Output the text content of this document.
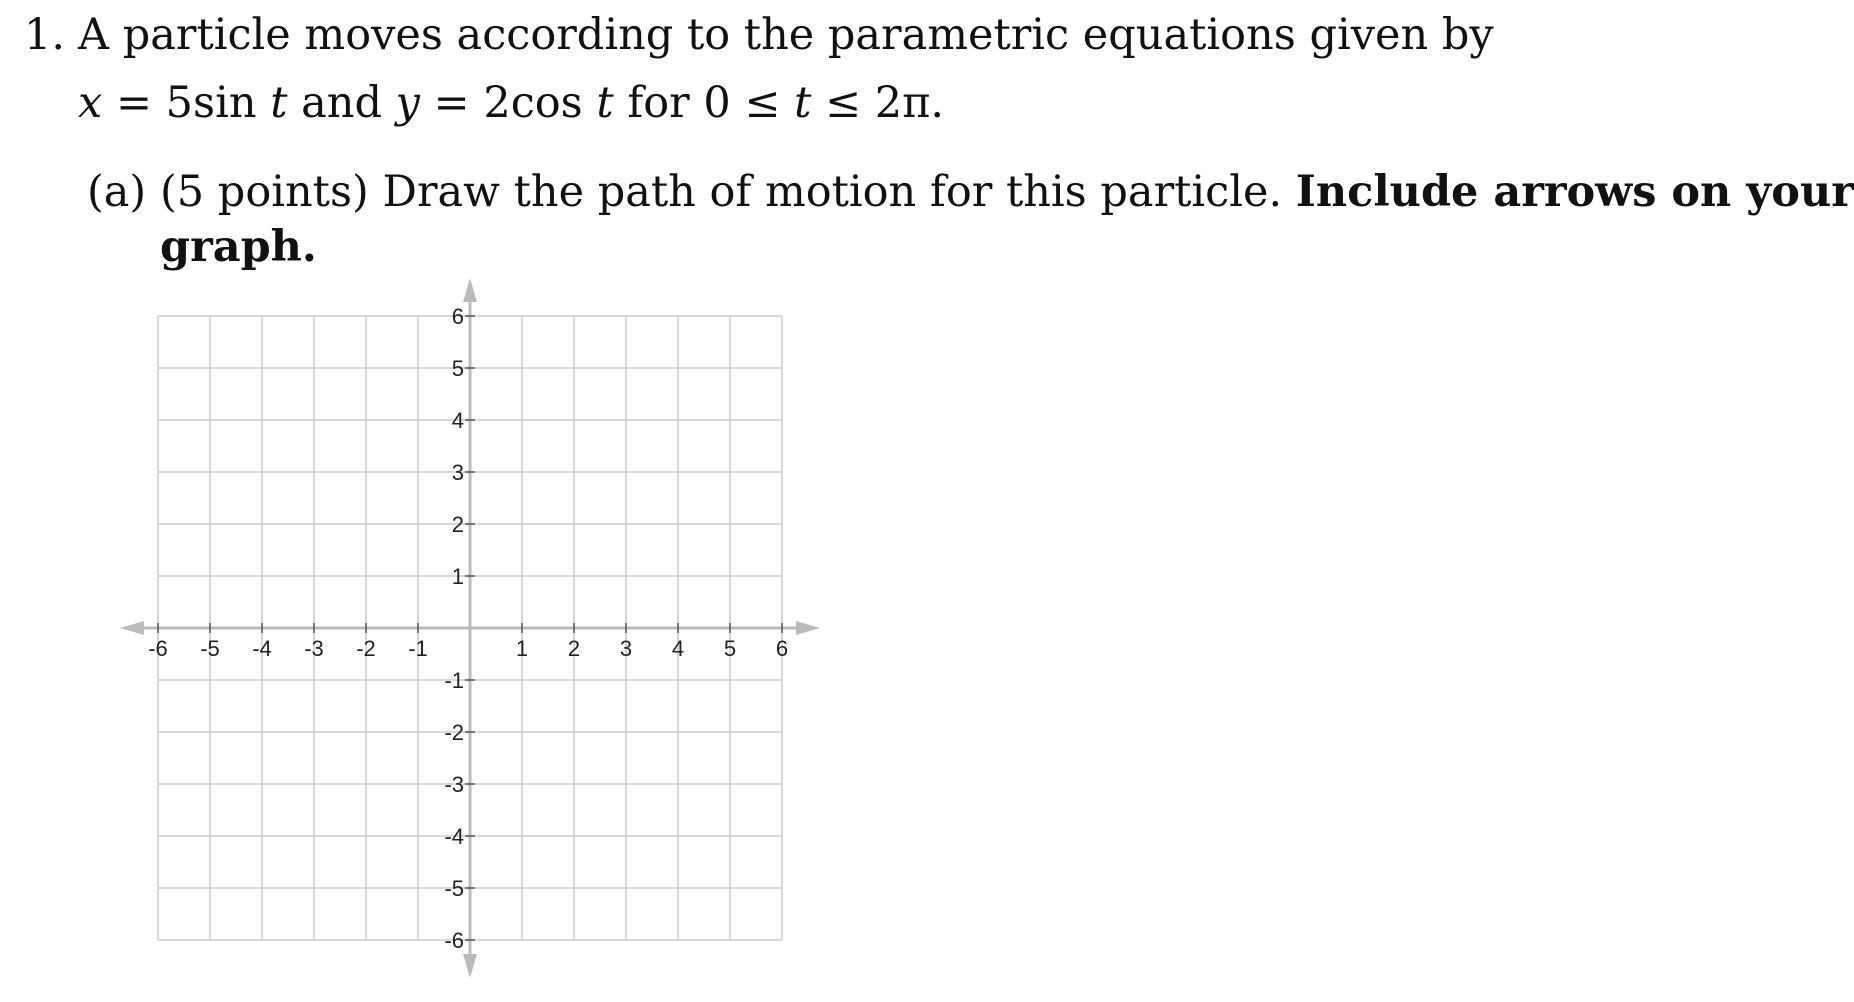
1. A particle moves according to the parametric equations given by
x = 5sin t and y = 2cos t for 0 ≤ t ≤ 2π.
(a) (5 points) Draw the path of motion for this particle. Include arrows on your
graph.
-6 -5 -4 -3 -2 -1	1 2 3 4 5 6
6
5
4
3
2
1
-1
-2
-3
-4
-5
-6
